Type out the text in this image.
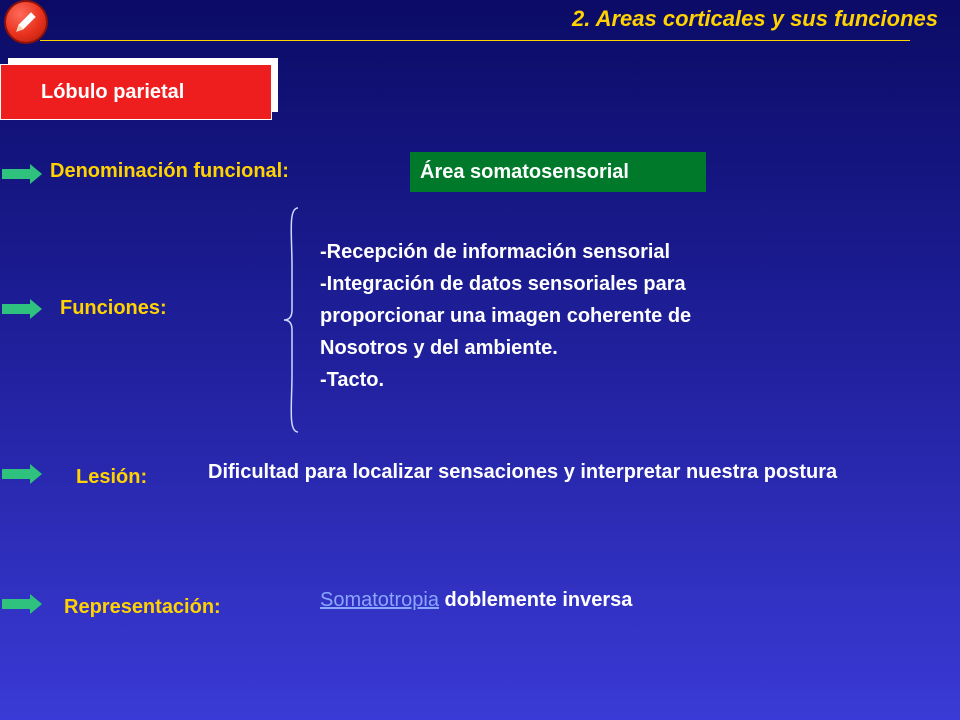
2. Areas corticales y sus funciones
Lóbulo parietal
Denominación funcional:	Área somatosensorial
Funciones:
-Recepción de información sensorial
-Integración de datos sensoriales para
proporcionar una imagen coherente de
Nosotros y del ambiente.
-Tacto.
Lesión:	Dificultad para localizar sensaciones y interpretar nuestra postura
Representación:	Somatotropia doblemente inversa
